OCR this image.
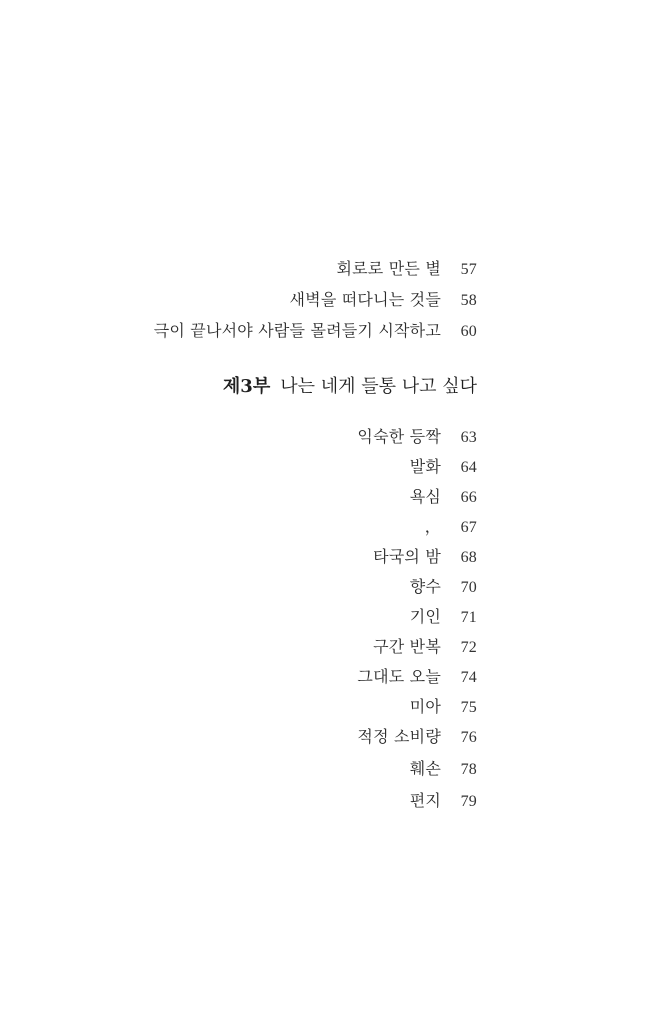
회로로 만든 별	57
새벽을 떠다니는 것들	58
극이 끝나서야 사람들 몰려들기 시작하고	60
제3부 나는 네게 들통 나고 싶다
익숙한 등짝	63
발화	64
욕심	66
，	67
타국의 밤	68
향수	70
기인	71
구간 반복	72
그대도 오늘	74
미아	75
적정 소비량	76
훼손	78
편지	79
